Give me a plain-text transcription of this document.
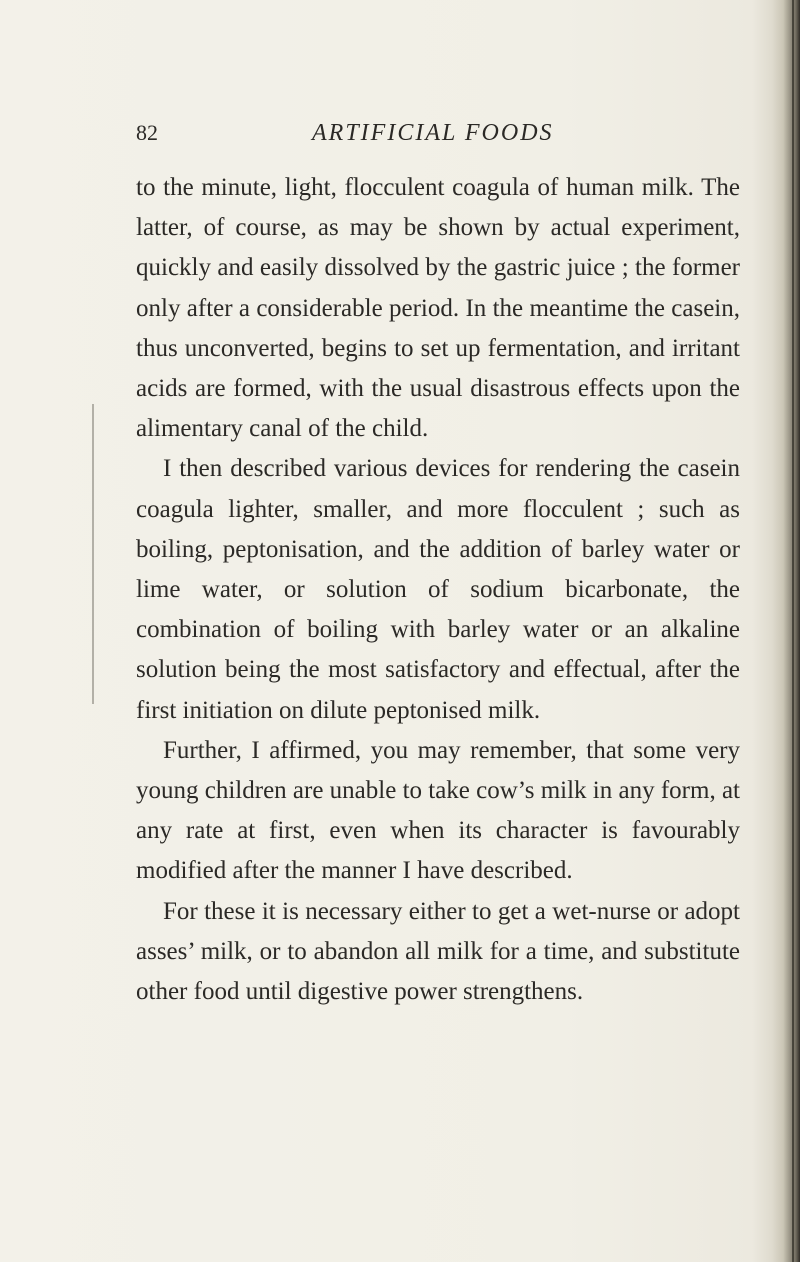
82	ARTIFICIAL FOODS

to the minute, light, flocculent coagula of human milk. The latter, of course, as may be shown by actual experiment, quickly and easily dissolved by the gastric juice ; the former only after a considerable period. In the meantime the casein, thus unconverted, begins to set up fermentation, and irritant acids are formed, with the usual disastrous effects upon the alimentary canal of the child.

I then described various devices for rendering the casein coagula lighter, smaller, and more flocculent ; such as boiling, peptonisation, and the addition of barley water or lime water, or solution of sodium bicarbonate, the combination of boiling with barley water or an alkaline solution being the most satisfactory and effectual, after the first initiation on dilute peptonised milk.

Further, I affirmed, you may remember, that some very young children are unable to take cow’s milk in any form, at any rate at first, even when its character is favourably modified after the manner I have described.

For these it is necessary either to get a wet-nurse or adopt asses’ milk, or to abandon all milk for a time, and substitute other food until digestive power strengthens.
